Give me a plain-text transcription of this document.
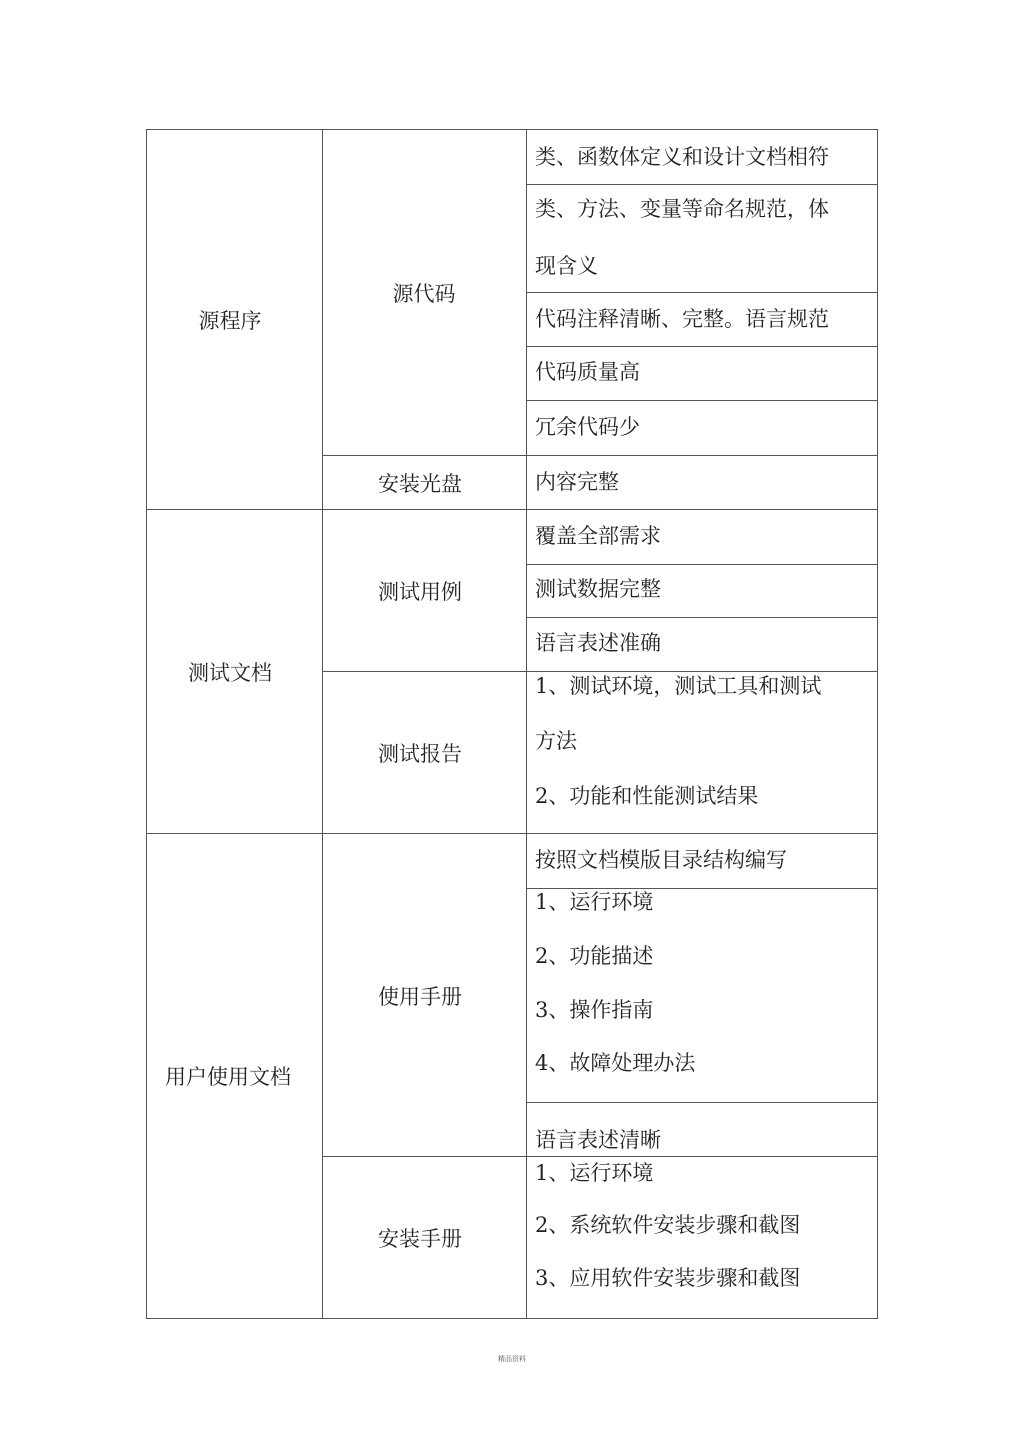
源程序
测试文档
用户使用文档
源代码
安装光盘
测试用例
测试报告
使用手册
安装手册
类、函数体定义和设计文档相符
类、方法、变量等命名规范，体
现含义
代码注释清晰、完整。语言规范
代码质量高
冗余代码少
内容完整
覆盖全部需求
测试数据完整
语言表述准确
1、测试环境，测试工具和测试
方法
2、功能和性能测试结果
按照文档模版目录结构编写
1、运行环境
2、功能描述
3、操作指南
4、故障处理办法
语言表述清晰
1、运行环境
2、系统软件安装步骤和截图
3、应用软件安装步骤和截图
精品资料
